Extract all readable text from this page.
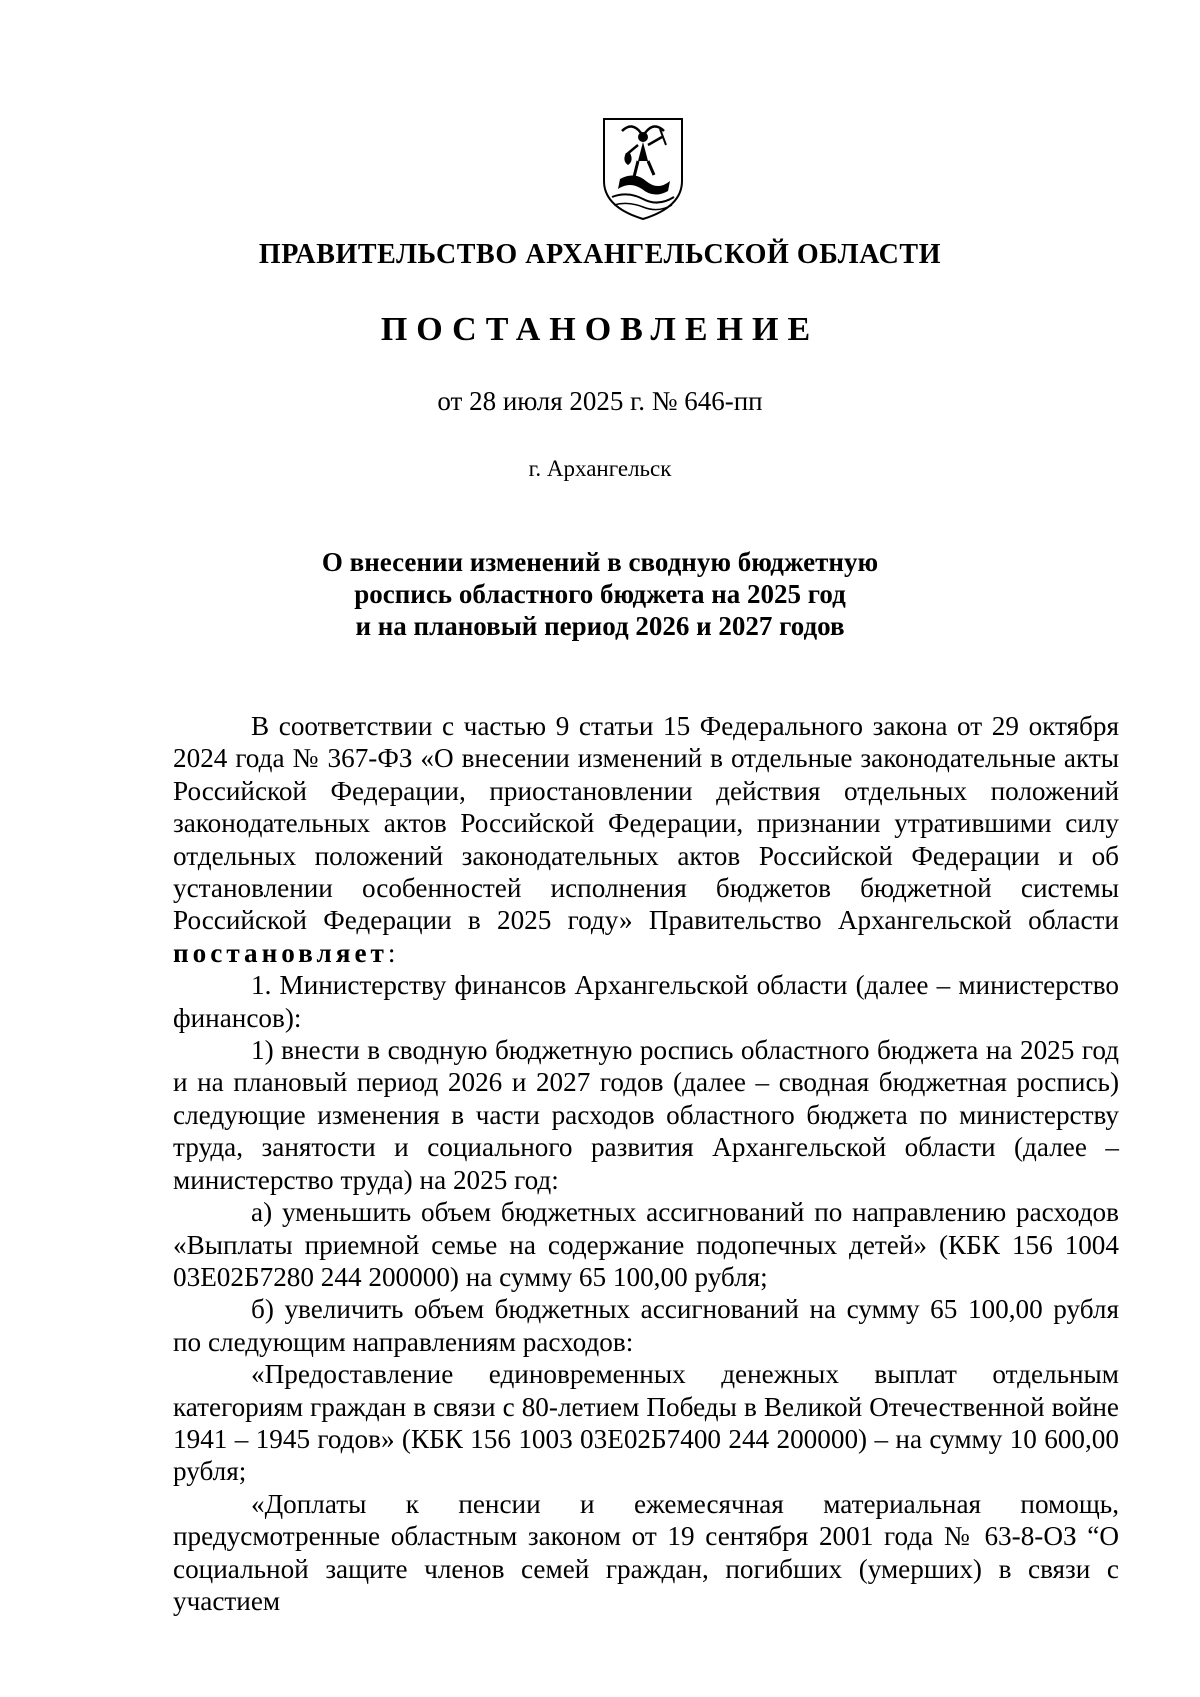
ПРАВИТЕЛЬСТВО АРХАНГЕЛЬСКОЙ ОБЛАСТИ
ПОСТАНОВЛЕНИЕ
от 28 июля 2025 г. № 646-пп
г. Архангельск
О внесении изменений в сводную бюджетную
роспись областного бюджета на 2025 год
и на плановый период 2026 и 2027 годов

В соответствии с частью 9 статьи 15 Федерального закона от 29 октября 2024 года № 367-ФЗ «О внесении изменений в отдельные законодательные акты Российской Федерации, приостановлении действия отдельных положений законодательных актов Российской Федерации, признании утратившими силу отдельных положений законодательных актов Российской Федерации и об установлении особенностей исполнения бюджетов бюджетной системы Российской Федерации в 2025 году» Правительство Архангельской области постановляет:

1. Министерству финансов Архангельской области (далее – министерство финансов):

1) внести в сводную бюджетную роспись областного бюджета на 2025 год и на плановый период 2026 и 2027 годов (далее – сводная бюджетная роспись) следующие изменения в части расходов областного бюджета по министерству труда, занятости и социального развития Архангельской области (далее – министерство труда) на 2025 год:

а) уменьшить объем бюджетных ассигнований по направлению расходов «Выплаты приемной семье на содержание подопечных детей» (КБК 156 1004 03Е02Б7280 244 200000) на сумму 65 100,00 рубля;

б) увеличить объем бюджетных ассигнований на сумму 65 100,00 рубля по следующим направлениям расходов:

«Предоставление единовременных денежных выплат отдельным категориям граждан в связи с 80-летием Победы в Великой Отечественной войне 1941 – 1945 годов» (КБК 156 1003 03Е02Б7400 244 200000) – на сумму 10 600,00 рубля;

«Доплаты к пенсии и ежемесячная материальная помощь, предусмотренные областным законом от 19 сентября 2001 года № 63-8-ОЗ “О социальной защите членов семей граждан, погибших (умерших) в связи с участием
